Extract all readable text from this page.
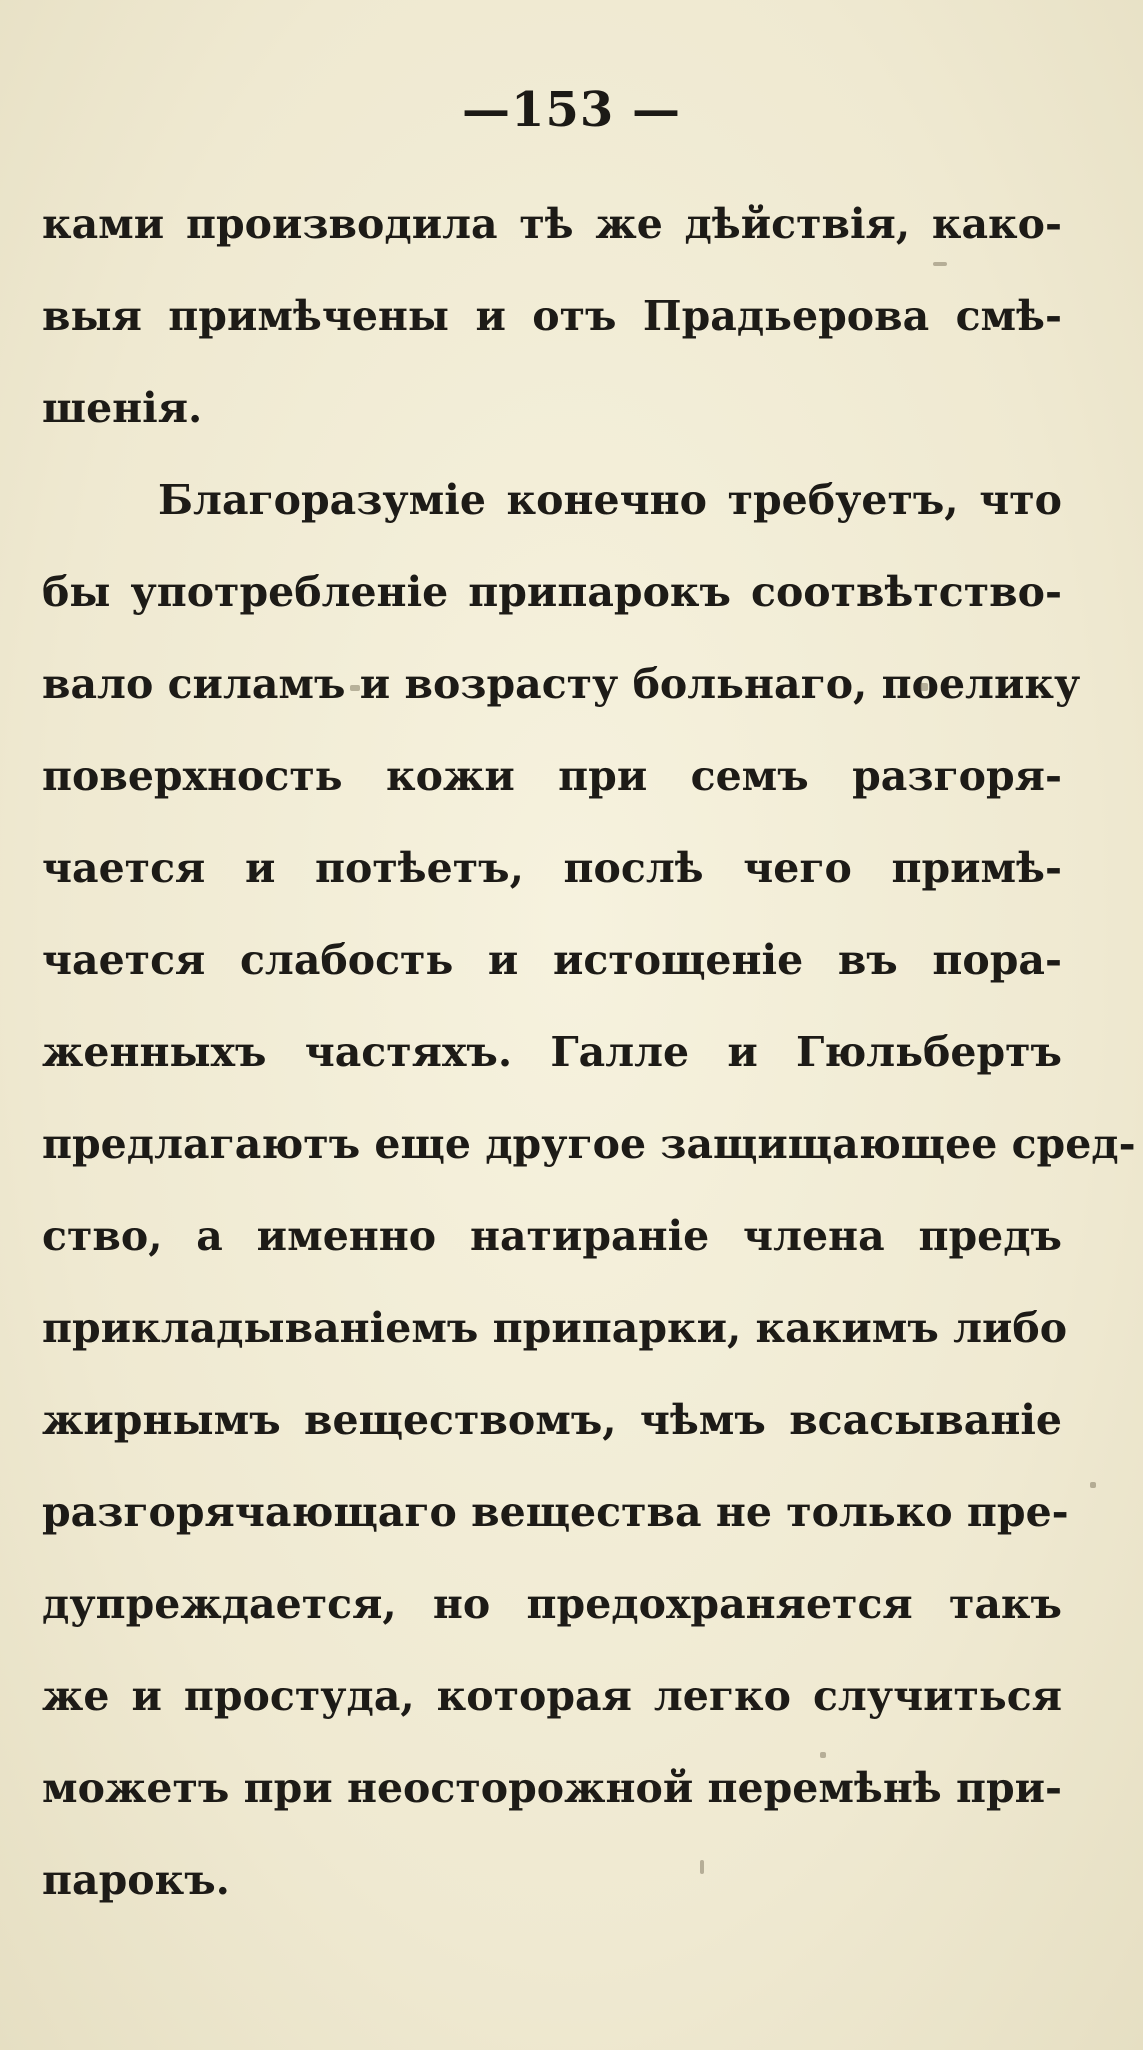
—153 —
ками производила тѣ же дѣйствія, како-
выя примѣчены и отъ Прадьерова смѣ-
шенія.
Благоразуміе конечно требуетъ, что
бы употребленіе припарокъ соотвѣтство-
вало силамъ и возрасту больнаго, поелику
поверхность кожи при семъ разгоря-
чается и потѣетъ, послѣ чего примѣ-
чается слабость и истощеніе въ пора-
женныхъ частяхъ. Галле и Гюльбертъ
предлагаютъ еще другое защищающее сред-
ство, а именно натираніе члена предъ
прикладываніемъ припарки, какимъ либо
жирнымъ веществомъ, чѣмъ всасываніе
разгорячающаго вещества не только пре-
дупреждается, но предохраняется такъ
же и простуда, которая легко случиться
можетъ при неосторожной перемѣнѣ при-
парокъ.
